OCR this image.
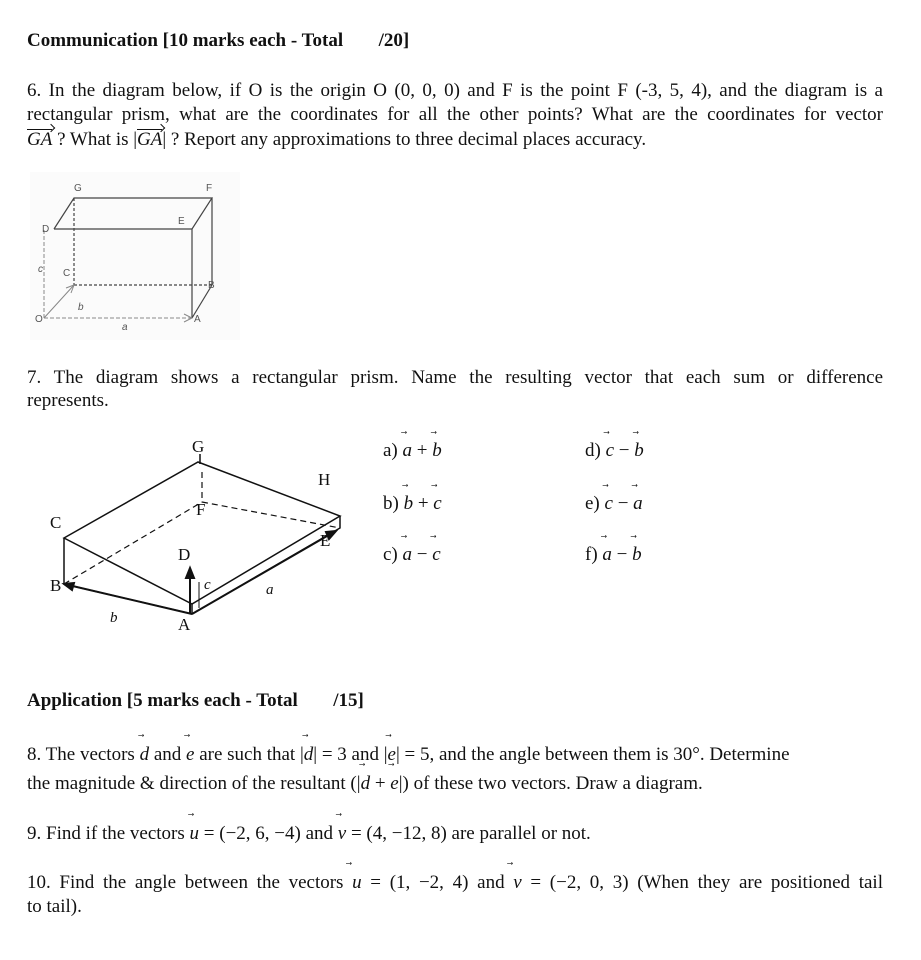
Communication [10 marks each - Total /20]
6. In the diagram below, if O is the origin O (0, 0, 0) and F is the point F (-3, 5, 4), and the diagram is a
rectangular prism, what are the coordinates for all the other points? What are the coordinates for vector
GA ? What is |GA| ? Report any approximations to three decimal places accuracy.
G	F
E
D
C
B
O	A
c
b
a
7. The diagram shows a rectangular prism. Name the resulting vector that each sum or difference
represents.
G
H
F
C
E
D
B
A
c	a
b
a) a + b
b) b + c
c) a − c
d) c − b
e) c − a
f) a − b
Application [5 marks each - Total /15]
8. The vectors
d and
e are such that |
d| = 3 and |
e| = 5, and the angle between them is 30°. Determine
the magnitude & direction of the resultant (|
d +
e|) of these two vectors. Draw a diagram.
9. Find if the vectors
u = (−2, 6, −4) and
v = (4, −12, 8) are parallel or not.
10. Find the angle between the vectors
u = (1, −2, 4) and
v = (−2, 0, 3) (When they are positioned tail
to tail).
